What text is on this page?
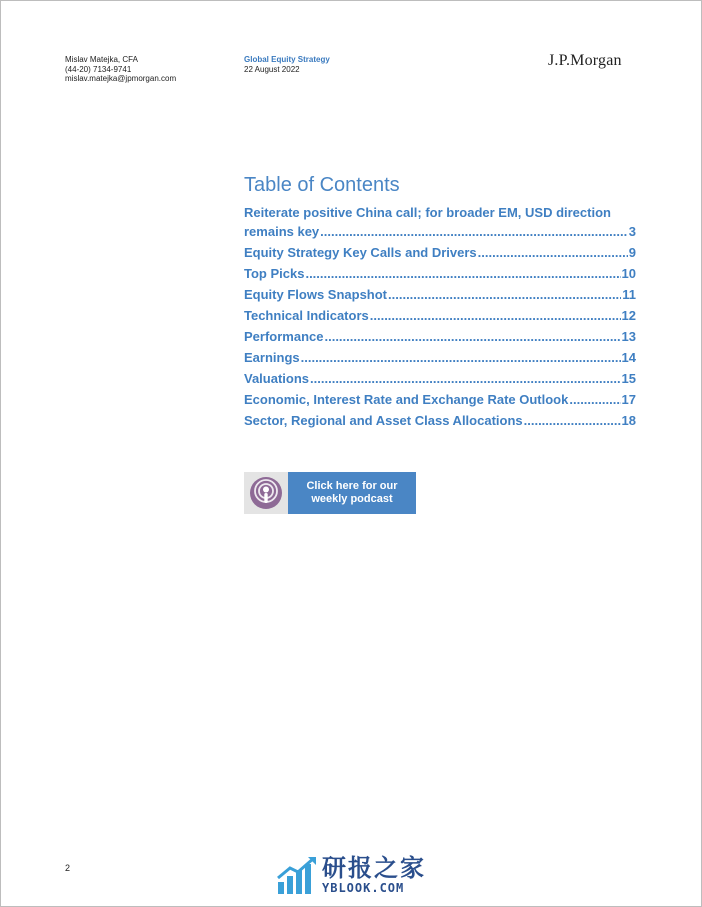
Mislav Matejka, CFA
(44-20) 7134-9741
mislav.matejka@jpmorgan.com
Global Equity Strategy
22 August 2022	J.P.Morgan
Table of Contents
Reiterate positive China call; for broader EM, USD direction
remains key .....	3
Equity Strategy Key Calls and Drivers .....	9
Top Picks .....	10
Equity Flows Snapshot .....	11
Technical Indicators .....	12
Performance .....	13
Earnings .....	14
Valuations .....	15
Economic, Interest Rate and Exchange Rate Outlook .....	17
Sector, Regional and Asset Class Allocations .....	18
Click here for our
weekly podcast
2	研报之家
YBLOOK.COM
